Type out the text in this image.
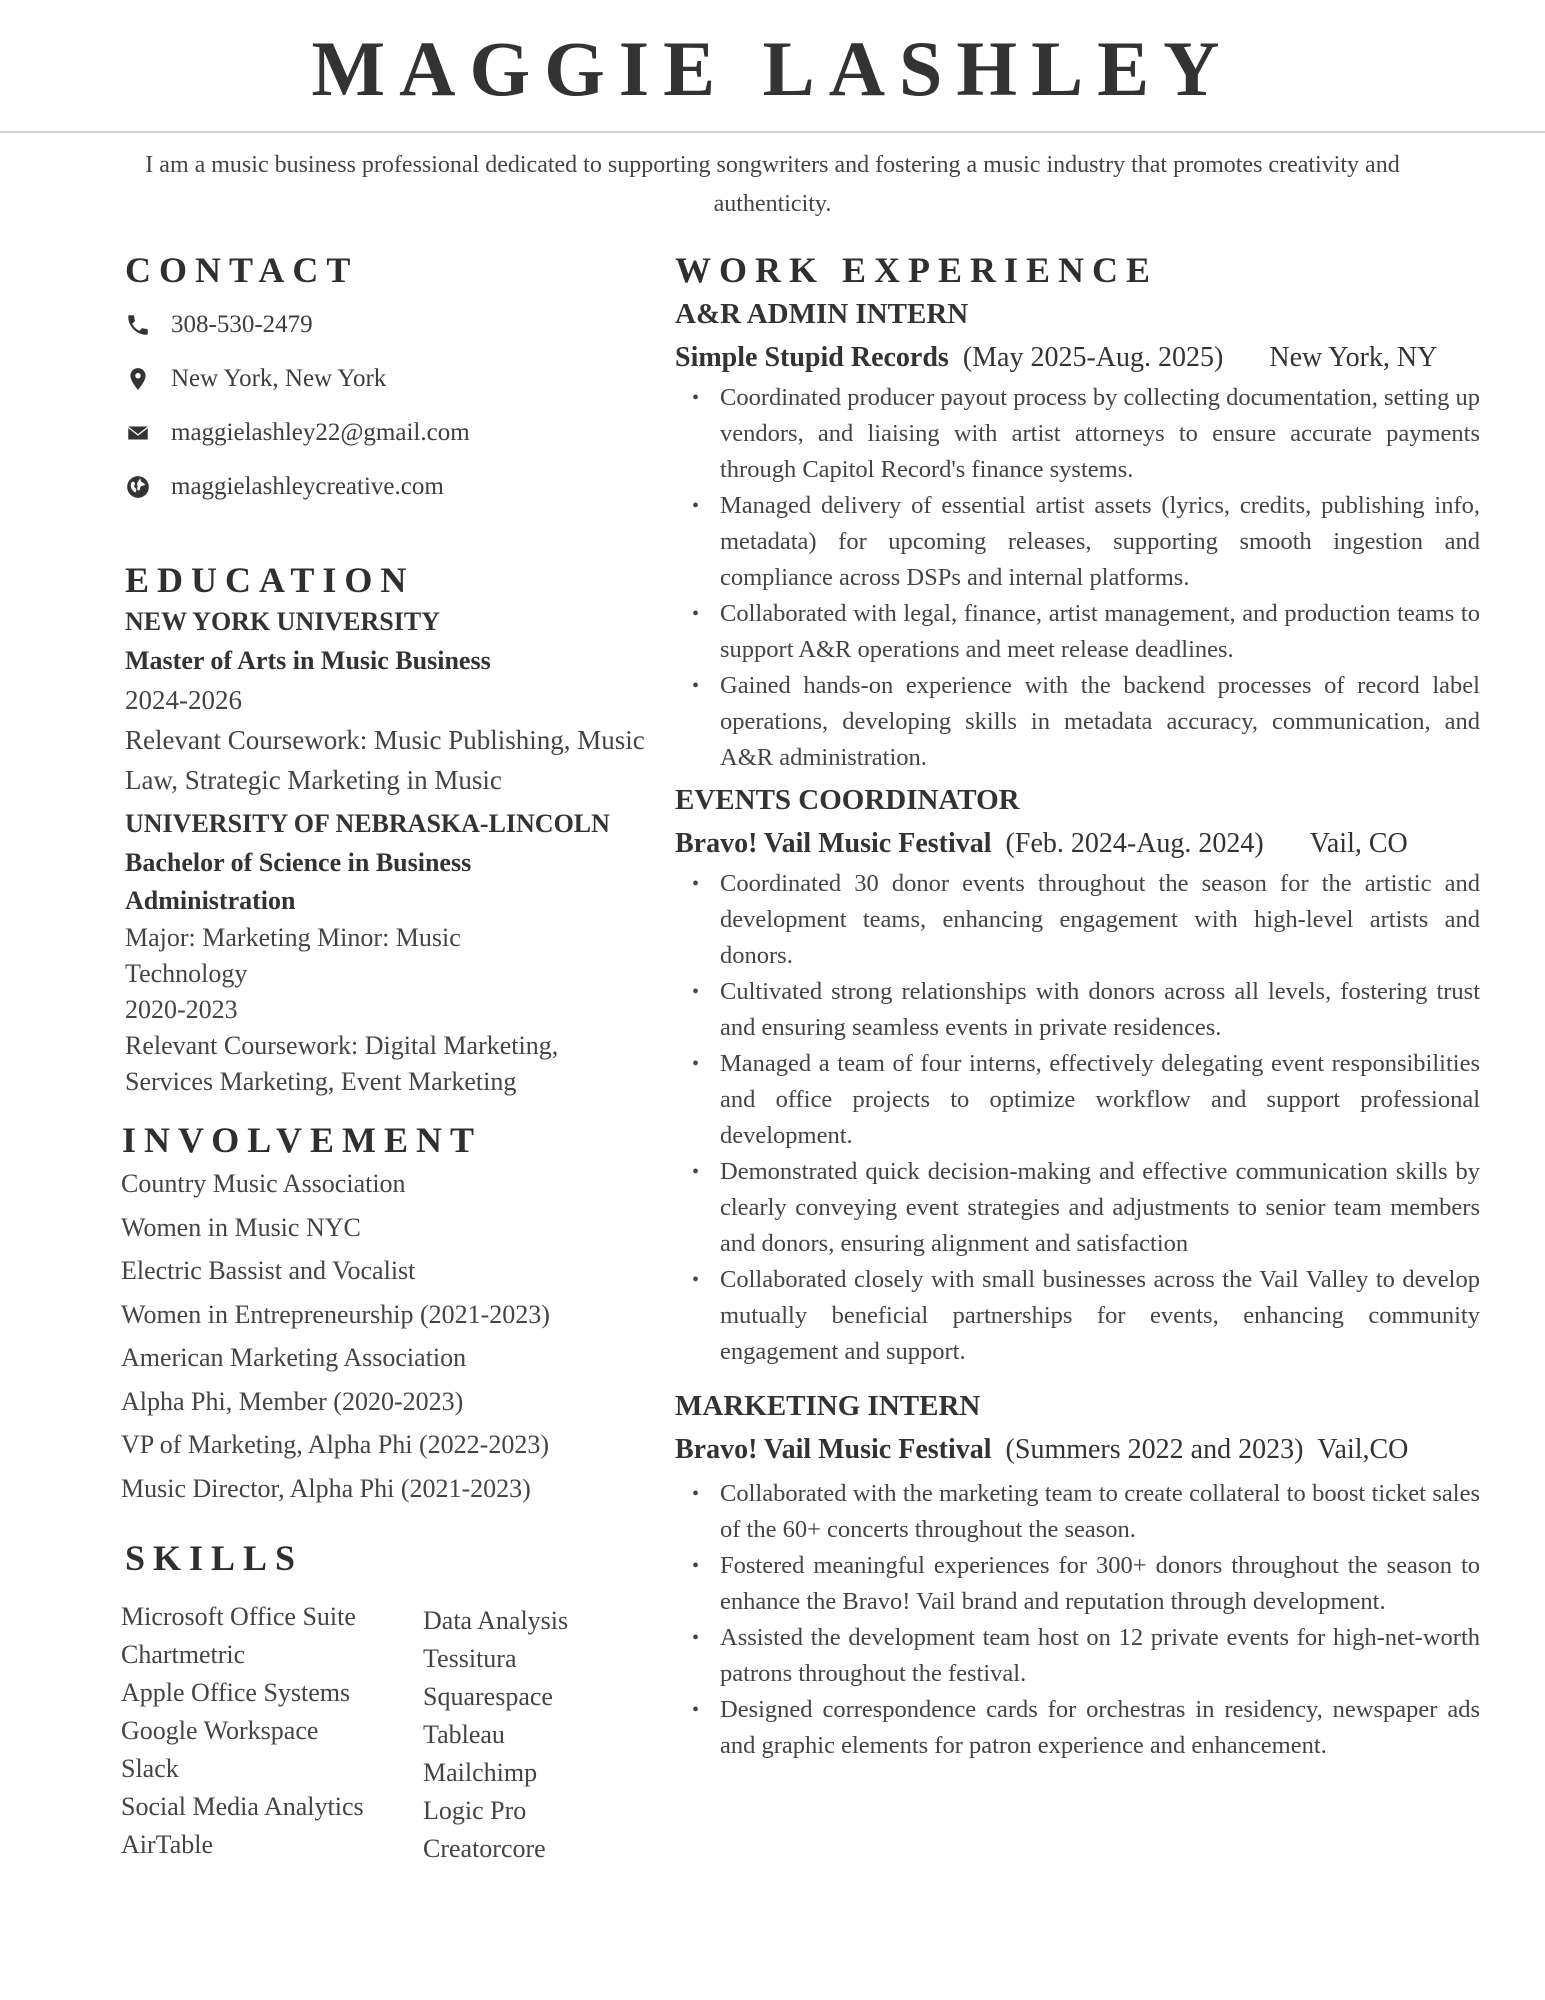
MAGGIE LASHLEY
I am a music business professional dedicated to supporting songwriters and fostering a music industry that promotes creativity and authenticity.
CONTACT
308-530-2479
New York, New York
maggielashley22@gmail.com
maggielashleycreative.com
EDUCATION
NEW YORK UNIVERSITY
Master of Arts in Music Business
2024-2026
Relevant Coursework: Music Publishing, Music Law, Strategic Marketing in Music
UNIVERSITY OF NEBRASKA-LINCOLN
Bachelor of Science in Business Administration
Major: Marketing Minor: Music Technology
2020-2023
Relevant Coursework: Digital Marketing, Services Marketing, Event Marketing
INVOLVEMENT
Country Music Association
Women in Music NYC
Electric Bassist and Vocalist
Women in Entrepreneurship (2021-2023)
American Marketing Association
Alpha Phi, Member (2020-2023)
VP of Marketing, Alpha Phi (2022-2023)
Music Director, Alpha Phi (2021-2023)
SKILLS
Microsoft Office Suite
Chartmetric
Apple Office Systems
Google Workspace
Slack
Social Media Analytics
AirTable
Data Analysis
Tessitura
Squarespace
Tableau
Mailchimp
Logic Pro
Creatorcore
WORK EXPERIENCE
A&R ADMIN INTERN
Simple Stupid Records (May 2025-Aug. 2025) New York, NY
• Coordinated producer payout process by collecting documentation, setting up vendors, and liaising with artist attorneys to ensure accurate payments through Capitol Record's finance systems.
• Managed delivery of essential artist assets (lyrics, credits, publishing info, metadata) for upcoming releases, supporting smooth ingestion and compliance across DSPs and internal platforms.
• Collaborated with legal, finance, artist management, and production teams to support A&R operations and meet release deadlines.
• Gained hands-on experience with the backend processes of record label operations, developing skills in metadata accuracy, communication, and A&R administration.
EVENTS COORDINATOR
Bravo! Vail Music Festival (Feb. 2024-Aug. 2024) Vail, CO
• Coordinated 30 donor events throughout the season for the artistic and development teams, enhancing engagement with high-level artists and donors.
• Cultivated strong relationships with donors across all levels, fostering trust and ensuring seamless events in private residences.
• Managed a team of four interns, effectively delegating event responsibilities and office projects to optimize workflow and support professional development.
• Demonstrated quick decision-making and effective communication skills by clearly conveying event strategies and adjustments to senior team members and donors, ensuring alignment and satisfaction
• Collaborated closely with small businesses across the Vail Valley to develop mutually beneficial partnerships for events, enhancing community engagement and support.
MARKETING INTERN
Bravo! Vail Music Festival (Summers 2022 and 2023) Vail,CO
• Collaborated with the marketing team to create collateral to boost ticket sales of the 60+ concerts throughout the season.
• Fostered meaningful experiences for 300+ donors throughout the season to enhance the Bravo! Vail brand and reputation through development.
• Assisted the development team host on 12 private events for high-net-worth patrons throughout the festival.
• Designed correspondence cards for orchestras in residency, newspaper ads and graphic elements for patron experience and enhancement.
